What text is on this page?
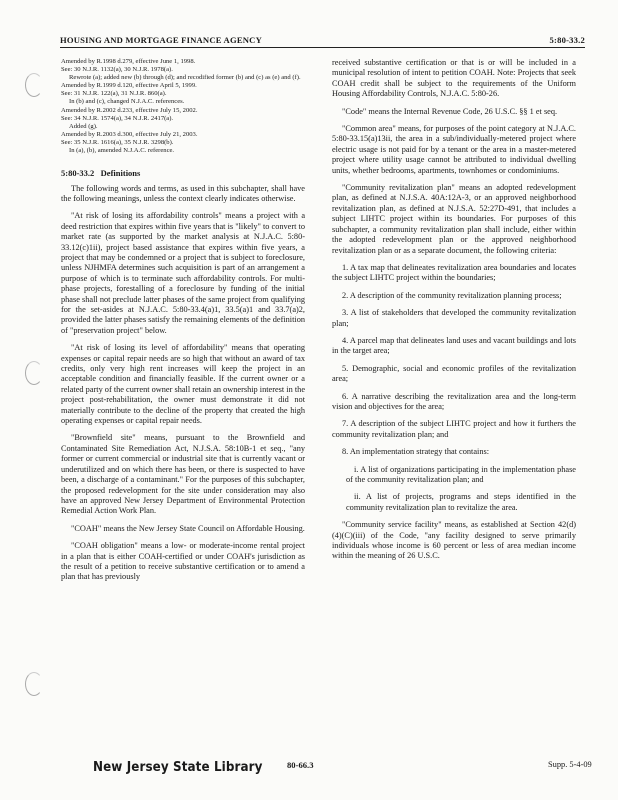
HOUSING AND MORTGAGE FINANCE AGENCY	5:80-33.2
Amended by R.1998 d.279, effective June 1, 1998.
See: 30 N.J.R. 1132(a), 30 N.J.R. 1978(a).
Rewrote (a); added new (b) through (d); and recodified former (b) and (c) as (e) and (f).
Amended by R.1999 d.120, effective April 5, 1999.
See: 31 N.J.R. 122(a), 31 N.J.R. 860(a).
In (b) and (c), changed N.J.A.C. references.
Amended by R.2002 d.233, effective July 15, 2002.
See: 34 N.J.R. 1574(a), 34 N.J.R. 2417(a).
Added (g).
Amended by R.2003 d.300, effective July 21, 2003.
See: 35 N.J.R. 1616(a), 35 N.J.R. 3298(b).
In (a), (b), amended N.J.A.C. reference.
5:80-33.2 Definitions

The following words and terms, as used in this subchapter, shall have the following meanings, unless the context clearly indicates otherwise.

"At risk of losing its affordability controls" means a project with a deed restriction that expires within five years that is "likely" to convert to market rate (as supported by the market analysis at N.J.A.C. 5:80-33.12(c)1ii), project based assistance that expires within five years, a project that may be condemned or a project that is subject to foreclosure, unless NJHMFA determines such acquisition is part of an arrangement a purpose of which is to terminate such affordability controls. For multi-phase projects, forestalling of a foreclosure by funding of the initial phase shall not preclude latter phases of the same project from qualifying for the set-asides at N.J.A.C. 5:80-33.4(a)1, 33.5(a)1 and 33.7(a)2, provided the latter phases satisfy the remaining elements of the definition of "preservation project" below.

"At risk of losing its level of affordability" means that operating expenses or capital repair needs are so high that without an award of tax credits, only very high rent increases will keep the project in an acceptable condition and financially feasible. If the current owner or a related party of the current owner shall retain an ownership interest in the project post-rehabilitation, the owner must demonstrate it did not materially contribute to the decline of the property that created the high operating expenses or capital repair needs.

"Brownfield site" means, pursuant to the Brownfield and Contaminated Site Remediation Act, N.J.S.A. 58:10B-1 et seq., "any former or current commercial or industrial site that is currently vacant or underutilized and on which there has been, or there is suspected to have been, a discharge of a contaminant." For the purposes of this subchapter, the proposed redevelopment for the site under consideration may also have an approved New Jersey Department of Environmental Protection Remedial Action Work Plan.

"COAH" means the New Jersey State Council on Affordable Housing.

"COAH obligation" means a low- or moderate-income rental project in a plan that is either COAH-certified or under COAH's jurisdiction as the result of a petition to receive substantive certification or to amend a plan that has previously

received substantive certification or that is or will be included in a municipal resolution of intent to petition COAH. Note: Projects that seek COAH credit shall be subject to the requirements of the Uniform Housing Affordability Controls, N.J.A.C. 5:80-26.

"Code" means the Internal Revenue Code, 26 U.S.C. §§ 1 et seq.

"Common area" means, for purposes of the point category at N.J.A.C. 5:80-33.15(a)13ii, the area in a sub/individually-metered project where electric usage is not paid for by a tenant or the area in a master-metered project where utility usage cannot be attributed to individual dwelling units, whether bedrooms, apartments, townhomes or condominiums.

"Community revitalization plan" means an adopted redevelopment plan, as defined at N.J.S.A. 40A:12A-3, or an approved neighborhood revitalization plan, as defined at N.J.S.A. 52:27D-491, that includes a subject LIHTC project within its boundaries. For purposes of this subchapter, a community revitalization plan shall include, either within the adopted redevelopment plan or the approved neighborhood revitalization plan or as a separate document, the following criteria:

1. A tax map that delineates revitalization area boundaries and locates the subject LIHTC project within the boundaries;
2. A description of the community revitalization planning process;
3. A list of stakeholders that developed the community revitalization plan;
4. A parcel map that delineates land uses and vacant buildings and lots in the target area;
5. Demographic, social and economic profiles of the revitalization area;
6. A narrative describing the revitalization area and the long-term vision and objectives for the area;
7. A description of the subject LIHTC project and how it furthers the community revitalization plan; and
8. An implementation strategy that contains:
i. A list of organizations participating in the implementation phase of the community revitalization plan; and
ii. A list of projects, programs and steps identified in the community revitalization plan to revitalize the area.

"Community service facility" means, as established at Section 42(d)(4)(C)(iii) of the Code, "any facility designed to serve primarily individuals whose income is 60 percent or less of area median income within the meaning of 26 U.S.C.

New Jersey State Library	80-66.3	Supp. 5-4-09
